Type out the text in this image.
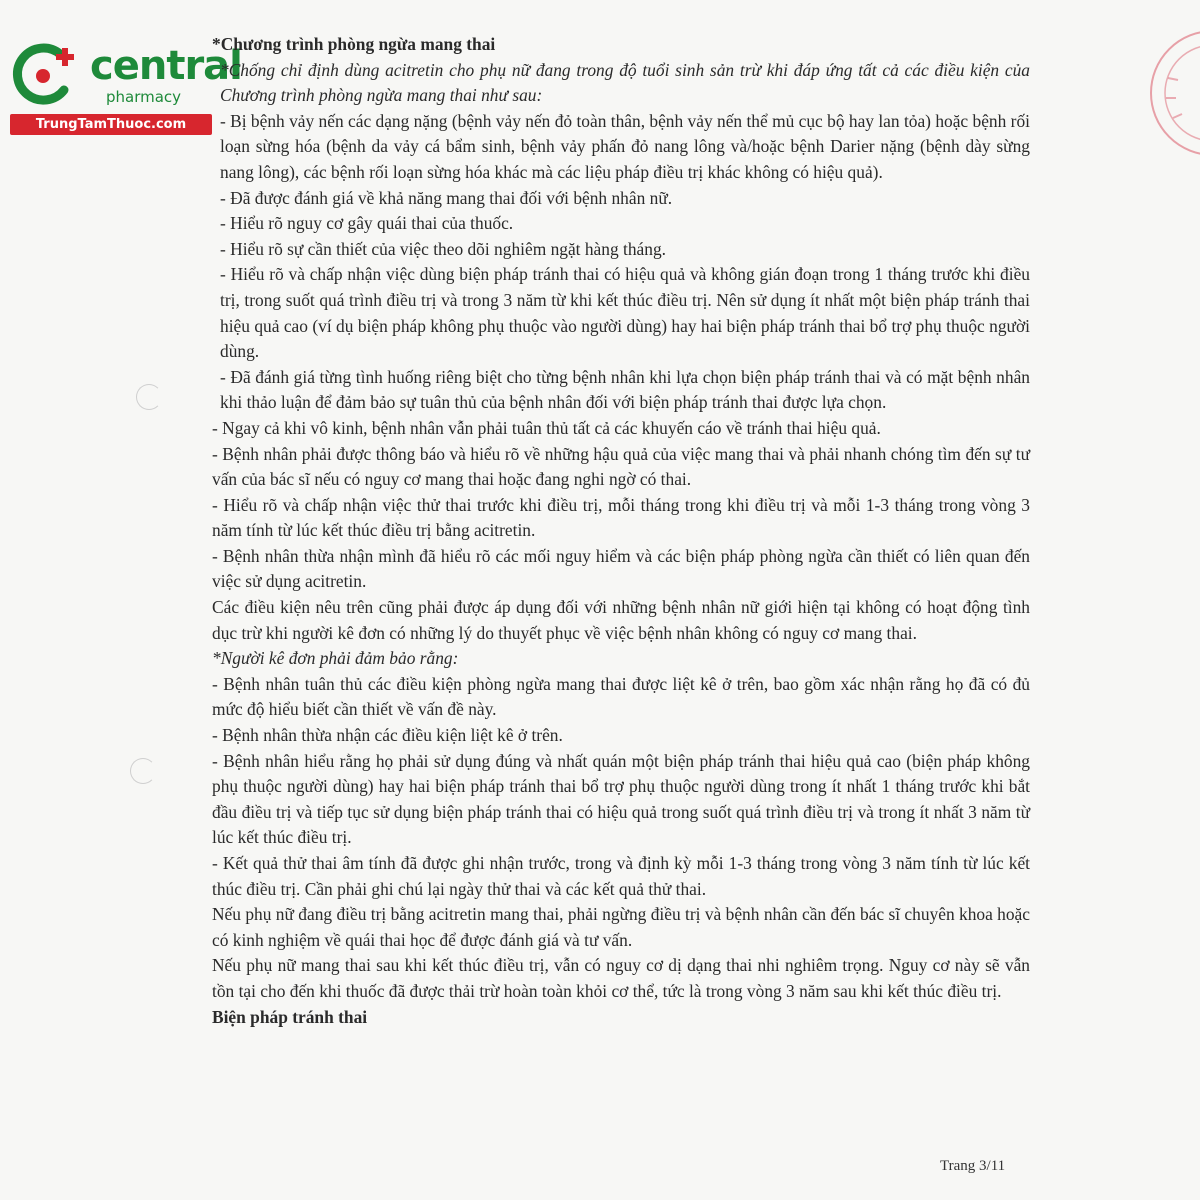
central
pharmacy
TrungTamThuoc.com

*Chương trình phòng ngừa mang thai

*Chống chỉ định dùng acitretin cho phụ nữ đang trong độ tuổi sinh sản trừ khi đáp ứng tất cả các điều kiện của Chương trình phòng ngừa mang thai như sau:

- Bị bệnh vảy nến các dạng nặng (bệnh vảy nến đỏ toàn thân, bệnh vảy nến thể mủ cục bộ hay lan tỏa) hoặc bệnh rối loạn sừng hóa (bệnh da vảy cá bẩm sinh, bệnh vảy phấn đỏ nang lông và/hoặc bệnh Darier nặng (bệnh dày sừng nang lông), các bệnh rối loạn sừng hóa khác mà các liệu pháp điều trị khác không có hiệu quả).

- Đã được đánh giá về khả năng mang thai đối với bệnh nhân nữ.

- Hiểu rõ nguy cơ gây quái thai của thuốc.

- Hiểu rõ sự cần thiết của việc theo dõi nghiêm ngặt hàng tháng.

- Hiểu rõ và chấp nhận việc dùng biện pháp tránh thai có hiệu quả và không gián đoạn trong 1 tháng trước khi điều trị, trong suốt quá trình điều trị và trong 3 năm từ khi kết thúc điều trị. Nên sử dụng ít nhất một biện pháp tránh thai hiệu quả cao (ví dụ biện pháp không phụ thuộc vào người dùng) hay hai biện pháp tránh thai bổ trợ phụ thuộc người dùng.

- Đã đánh giá từng tình huống riêng biệt cho từng bệnh nhân khi lựa chọn biện pháp tránh thai và có mặt bệnh nhân khi thảo luận để đảm bảo sự tuân thủ của bệnh nhân đối với biện pháp tránh thai được lựa chọn.

- Ngay cả khi vô kinh, bệnh nhân vẫn phải tuân thủ tất cả các khuyến cáo về tránh thai hiệu quả.

- Bệnh nhân phải được thông báo và hiểu rõ về những hậu quả của việc mang thai và phải nhanh chóng tìm đến sự tư vấn của bác sĩ nếu có nguy cơ mang thai hoặc đang nghi ngờ có thai.

- Hiểu rõ và chấp nhận việc thử thai trước khi điều trị, mỗi tháng trong khi điều trị và mỗi 1-3 tháng trong vòng 3 năm tính từ lúc kết thúc điều trị bằng acitretin.

- Bệnh nhân thừa nhận mình đã hiểu rõ các mối nguy hiểm và các biện pháp phòng ngừa cần thiết có liên quan đến việc sử dụng acitretin.

Các điều kiện nêu trên cũng phải được áp dụng đối với những bệnh nhân nữ giới hiện tại không có hoạt động tình dục trừ khi người kê đơn có những lý do thuyết phục về việc bệnh nhân không có nguy cơ mang thai.

*Người kê đơn phải đảm bảo rằng:

- Bệnh nhân tuân thủ các điều kiện phòng ngừa mang thai được liệt kê ở trên, bao gồm xác nhận rằng họ đã có đủ mức độ hiểu biết cần thiết về vấn đề này.

- Bệnh nhân thừa nhận các điều kiện liệt kê ở trên.

- Bệnh nhân hiểu rằng họ phải sử dụng đúng và nhất quán một biện pháp tránh thai hiệu quả cao (biện pháp không phụ thuộc người dùng) hay hai biện pháp tránh thai bổ trợ phụ thuộc người dùng trong ít nhất 1 tháng trước khi bắt đầu điều trị và tiếp tục sử dụng biện pháp tránh thai có hiệu quả trong suốt quá trình điều trị và trong ít nhất 3 năm từ lúc kết thúc điều trị.

- Kết quả thử thai âm tính đã được ghi nhận trước, trong và định kỳ mỗi 1-3 tháng trong vòng 3 năm tính từ lúc kết thúc điều trị. Cần phải ghi chú lại ngày thử thai và các kết quả thử thai.

Nếu phụ nữ đang điều trị bằng acitretin mang thai, phải ngừng điều trị và bệnh nhân cần đến bác sĩ chuyên khoa hoặc có kinh nghiệm về quái thai học để được đánh giá và tư vấn.

Nếu phụ nữ mang thai sau khi kết thúc điều trị, vẫn có nguy cơ dị dạng thai nhi nghiêm trọng. Nguy cơ này sẽ vẫn tồn tại cho đến khi thuốc đã được thải trừ hoàn toàn khỏi cơ thể, tức là trong vòng 3 năm sau khi kết thúc điều trị.

Biện pháp tránh thai

Trang 3/11
